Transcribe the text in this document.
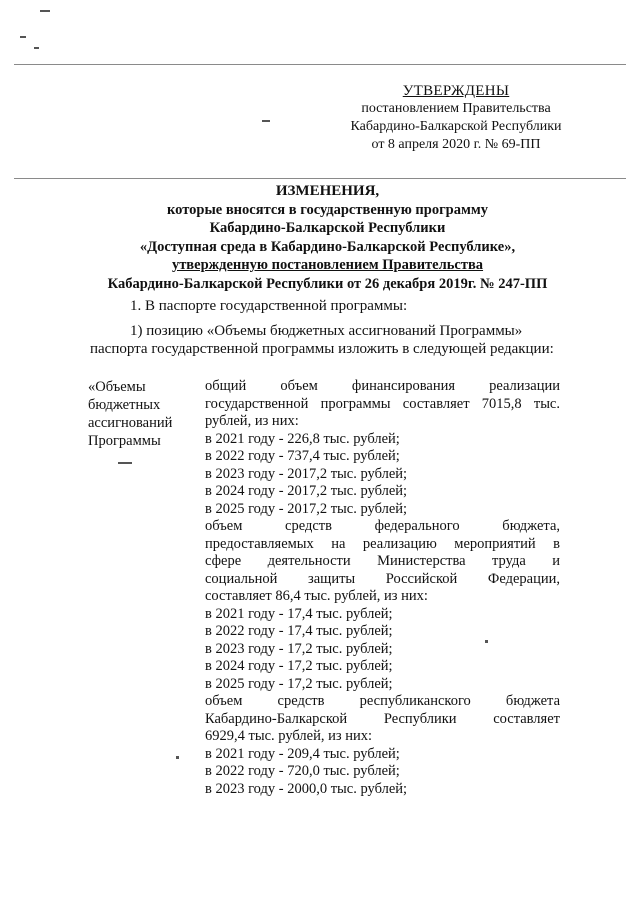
УТВЕРЖДЕНЫ
постановлением Правительства
Кабардино-Балкарской Республики
от 8 апреля 2020 г. № 69-ПП
ИЗМЕНЕНИЯ,
которые вносятся в государственную программу
Кабардино-Балкарской Республики
«Доступная среда в Кабардино-Балкарской Республике»,
утвержденную постановлением Правительства
Кабардино-Балкарской Республики от 26 декабря 2019г. № 247-ПП
1. В паспорте государственной программы:
1) позицию «Объемы бюджетных ассигнований Программы»
паспорта государственной программы изложить в следующей редакции:
«Объемы
бюджетных
ассигнований
Программы
общий объем финансирования реализации
государственной программы составляет 7015,8 тыс.
рублей, из них:
в 2021 году - 226,8 тыс. рублей;
в 2022 году - 737,4 тыс. рублей;
в 2023 году - 2017,2 тыс. рублей;
в 2024 году - 2017,2 тыс. рублей;
в 2025 году - 2017,2 тыс. рублей;
объем средств федерального бюджета,
предоставляемых на реализацию мероприятий в
сфере деятельности Министерства труда и
социальной защиты Российской Федерации,
составляет 86,4 тыс. рублей, из них:
в 2021 году - 17,4 тыс. рублей;
в 2022 году - 17,4 тыс. рублей;
в 2023 году - 17,2 тыс. рублей;
в 2024 году - 17,2 тыс. рублей;
в 2025 году - 17,2 тыс. рублей;
объем средств республиканского бюджета
Кабардино-Балкарской Республики составляет
6929,4 тыс. рублей, из них:
в 2021 году - 209,4 тыс. рублей;
в 2022 году - 720,0 тыс. рублей;
в 2023 году - 2000,0 тыс. рублей;
